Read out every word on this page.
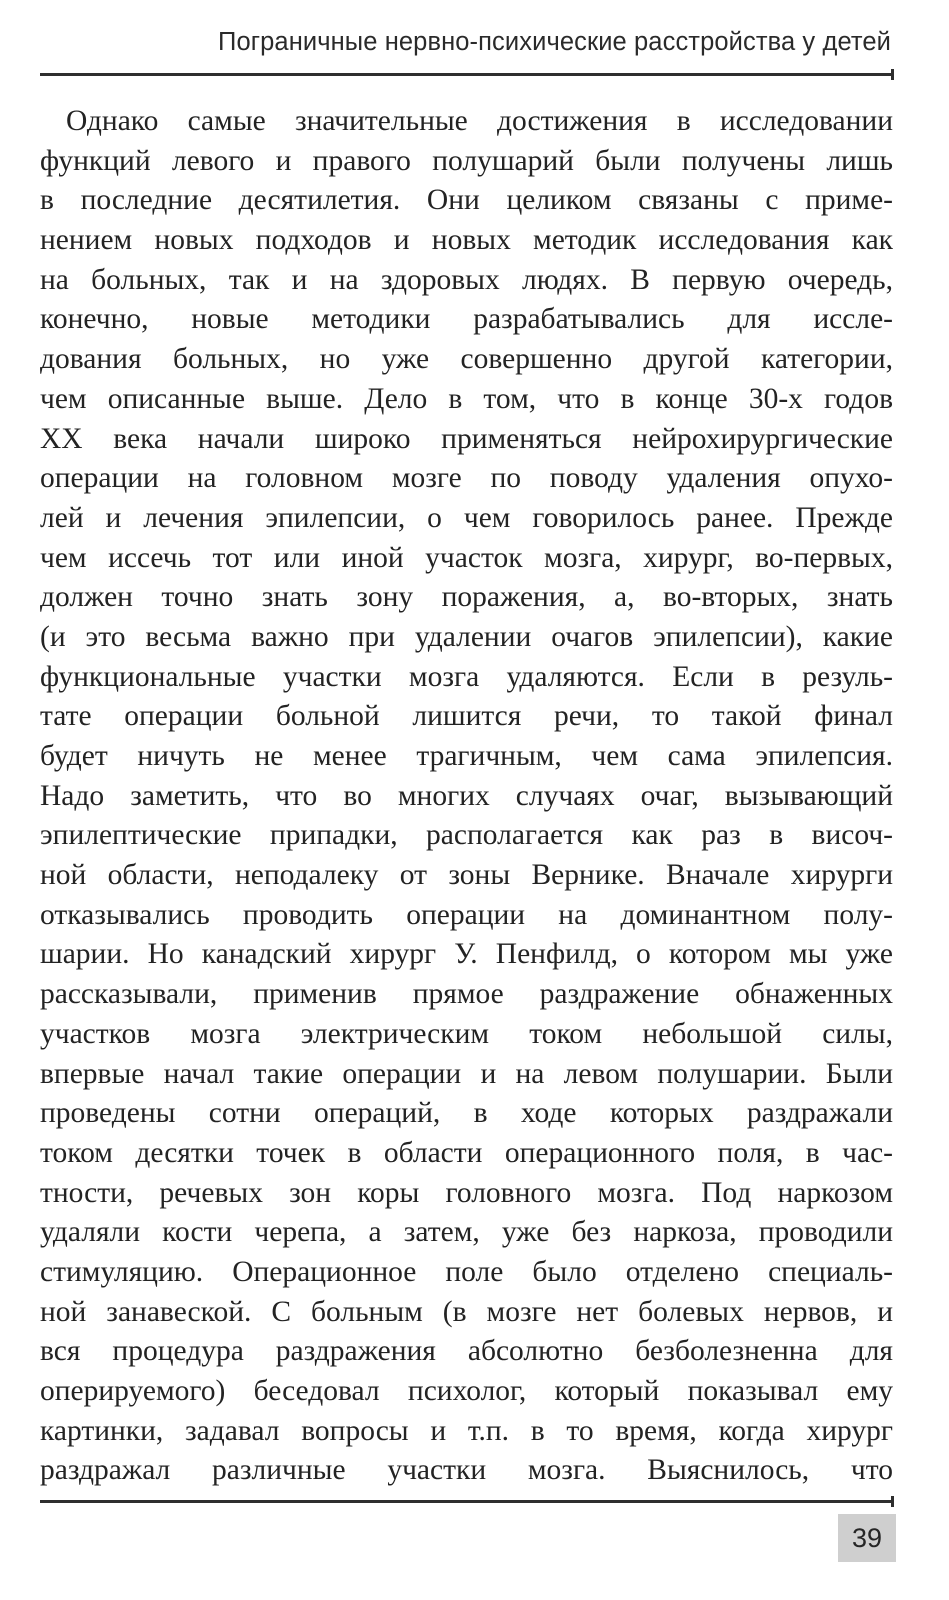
Пограничные нервно-психические расстройства у детей
Однако самые значительные достижения в исследовании
функций левого и правого полушарий были получены лишь
в последние десятилетия. Они целиком связаны с приме-
нением новых подходов и новых методик исследования как
на больных, так и на здоровых людях. В первую очередь,
конечно, новые методики разрабатывались для иссле-
дования больных, но уже совершенно другой категории,
чем описанные выше. Дело в том, что в конце 30-х годов
XX века начали широко применяться нейрохирургические
операции на головном мозге по поводу удаления опухо-
лей и лечения эпилепсии, о чем говорилось ранее. Прежде
чем иссечь тот или иной участок мозга, хирург, во-первых,
должен точно знать зону поражения, а, во-вторых, знать
(и это весьма важно при удалении очагов эпилепсии), какие
функциональные участки мозга удаляются. Если в резуль-
тате операции больной лишится речи, то такой финал
будет ничуть не менее трагичным, чем сама эпилепсия.
Надо заметить, что во многих случаях очаг, вызывающий
эпилептические припадки, располагается как раз в височ-
ной области, неподалеку от зоны Вернике. Вначале хирурги
отказывались проводить операции на доминантном полу-
шарии. Но канадский хирург У. Пенфилд, о котором мы уже
рассказывали, применив прямое раздражение обнаженных
участков мозга электрическим током небольшой силы,
впервые начал такие операции и на левом полушарии. Были
проведены сотни операций, в ходе которых раздражали
током десятки точек в области операционного поля, в час-
тности, речевых зон коры головного мозга. Под наркозом
удаляли кости черепа, а затем, уже без наркоза, проводили
стимуляцию. Операционное поле было отделено специаль-
ной занавеской. С больным (в мозге нет болевых нервов, и
вся процедура раздражения абсолютно безболезненна для
оперируемого) беседовал психолог, который показывал ему
картинки, задавал вопросы и т.п. в то время, когда хирург
раздражал различные участки мозга. Выяснилось, что
39
